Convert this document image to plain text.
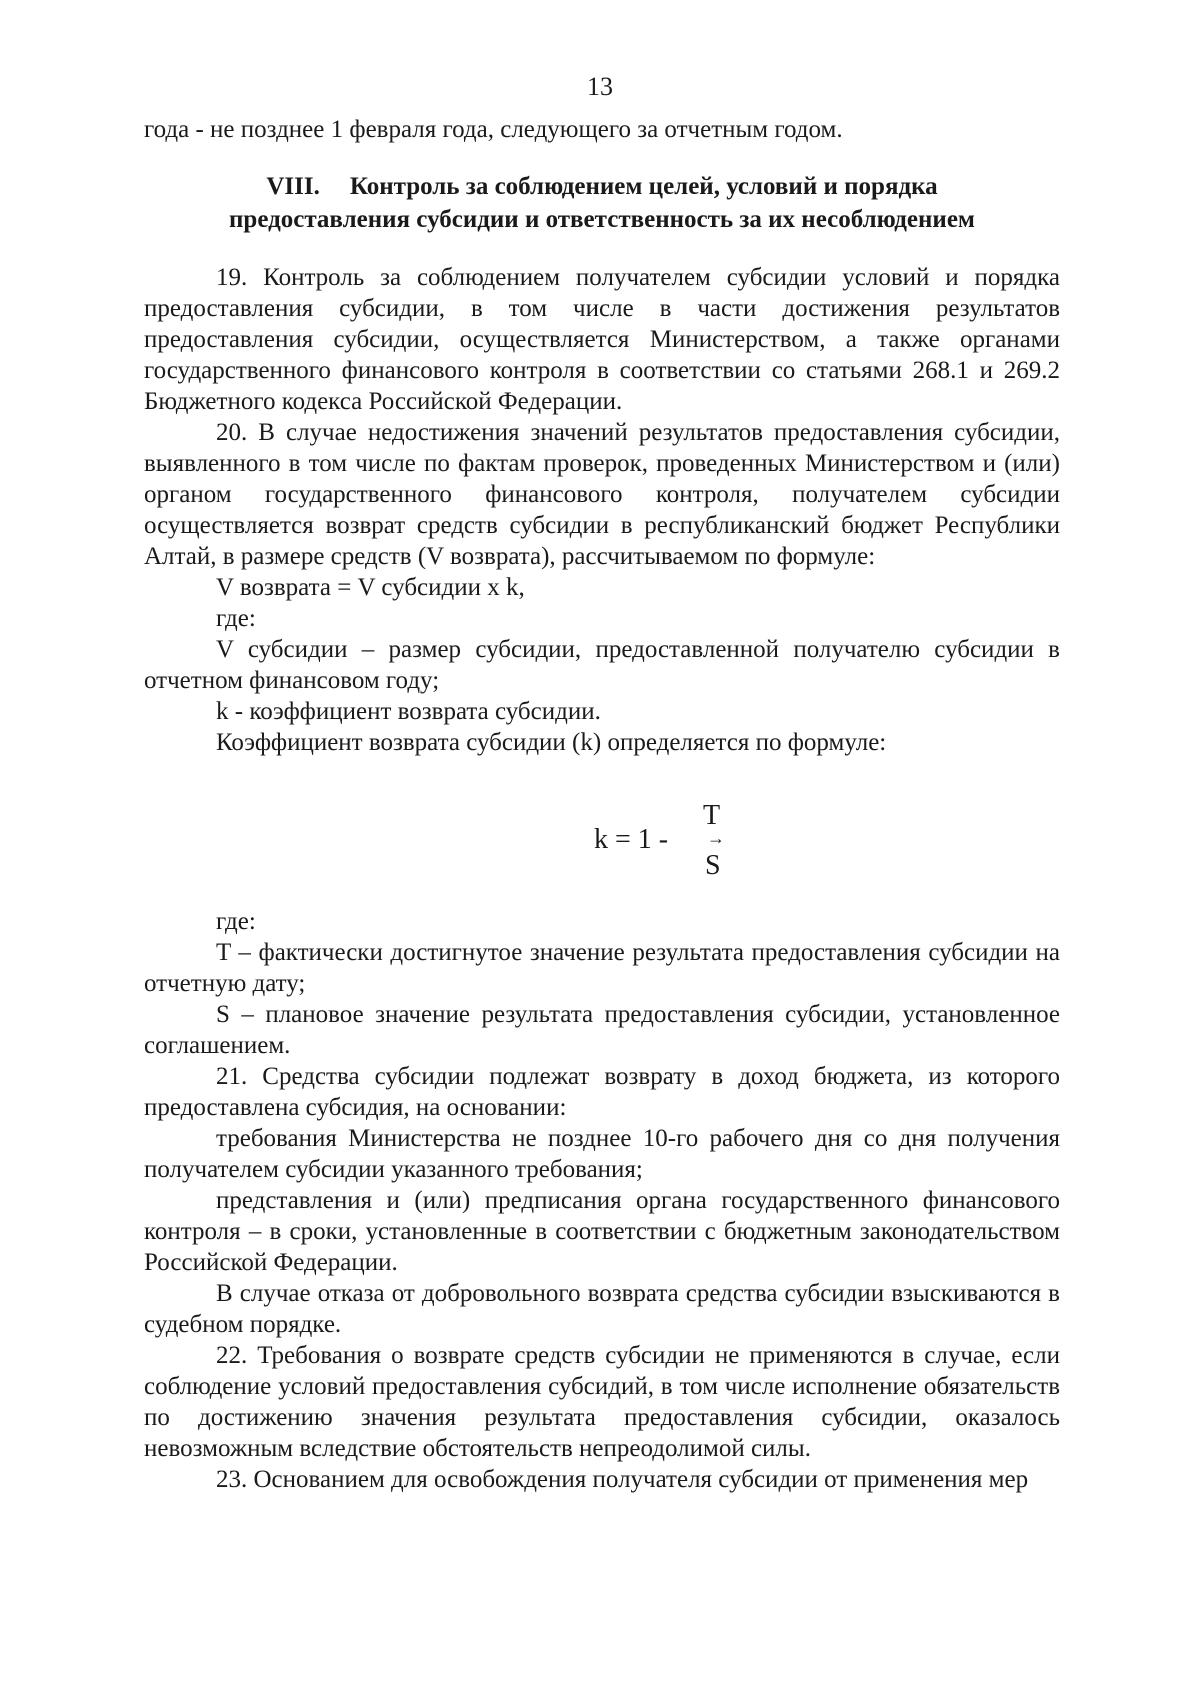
13
года - не позднее 1 февраля года, следующего за отчетным годом.
VIII. Контроль за соблюдением целей, условий и порядка
предоставления субсидии и ответственность за их несоблюдением

19. Контроль за соблюдением получателем субсидии условий и порядка предоставления субсидии, в том числе в части достижения результатов предоставления субсидии, осуществляется Министерством, а также органами государственного финансового контроля в соответствии со статьями 268.1 и 269.2 Бюджетного кодекса Российской Федерации.

20. В случае недостижения значений результатов предоставления субсидии, выявленного в том числе по фактам проверок, проведенных Министерством и (или) органом государственного финансового контроля, получателем субсидии осуществляется возврат средств субсидии в республиканский бюджет Республики Алтай, в размере средств (V возврата), рассчитываемом по формуле:

V возврата = V субсидии x k,

где:

V субсидии – размер субсидии, предоставленной получателю субсидии в отчетном финансовом году;

k - коэффициент возврата субсидии.

Коэффициент возврата субсидии (k) определяется по формуле:

k = 1 -
T
→
S

где:

T – фактически достигнутое значение результата предоставления субсидии на отчетную дату;

S – плановое значение результата предоставления субсидии, установленное соглашением.

21. Средства субсидии подлежат возврату в доход бюджета, из которого предоставлена субсидия, на основании:

требования Министерства не позднее 10-го рабочего дня со дня получения получателем субсидии указанного требования;

представления и (или) предписания органа государственного финансового контроля – в сроки, установленные в соответствии с бюджетным законодательством Российской Федерации.

В случае отказа от добровольного возврата средства субсидии взыскиваются в судебном порядке.

22. Требования о возврате средств субсидии не применяются в случае, если соблюдение условий предоставления субсидий, в том числе исполнение обязательств по достижению значения результата предоставления субсидии, оказалось невозможным вследствие обстоятельств непреодолимой силы.

23. Основанием для освобождения получателя субсидии от применения мер
